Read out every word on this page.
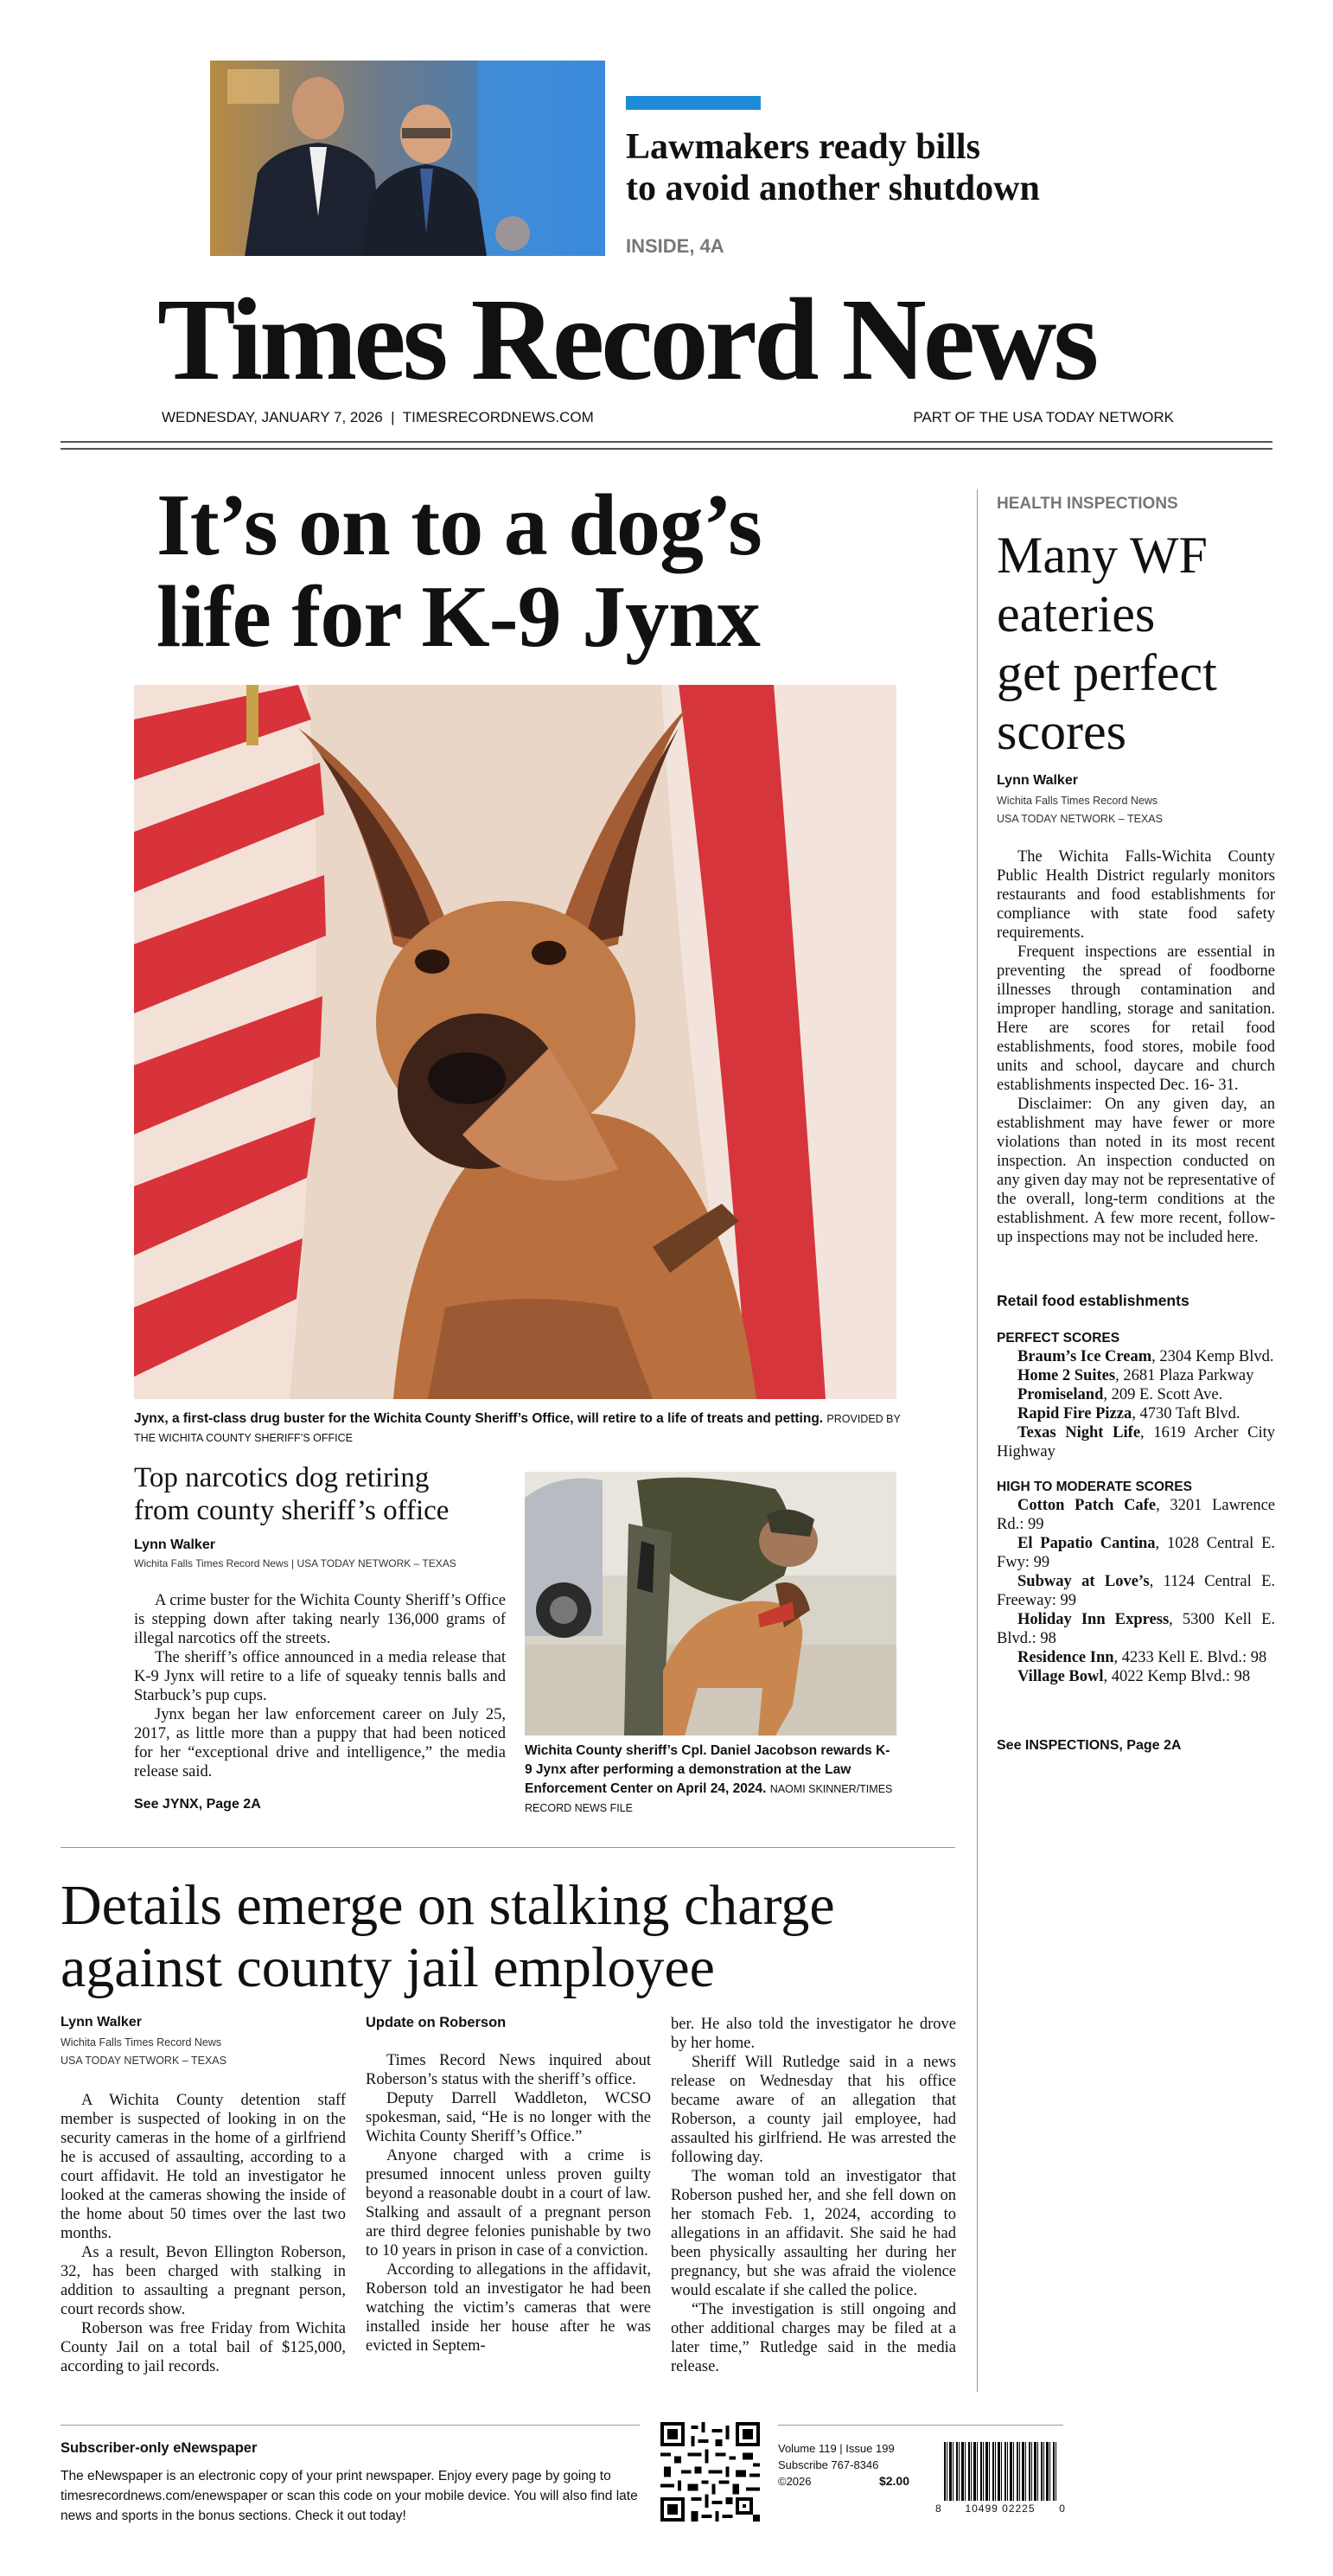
Lawmakers ready bills
to avoid another shutdown
INSIDE, 4A
Times Record News
WEDNESDAY, JANUARY 7, 2026  |  TIMESRECORDNEWS.COM	PART OF THE USA TODAY NETWORK
It’s on to a dog’s
life for K-9 Jynx
Jynx, a first-class drug buster for the Wichita County Sheriff’s Office, will retire to a life of treats and petting. PROVIDED BY THE WICHITA COUNTY SHERIFF’S OFFICE
Top narcotics dog retiring
from county sheriff’s office
Lynn Walker
Wichita Falls Times Record News | USA TODAY NETWORK – TEXAS

A crime buster for the Wichita County Sheriff’s Office is stepping down after taking nearly 136,000 grams of illegal narcotics off the streets.

The sheriff’s office announced in a media release that K-9 Jynx will retire to a life of squeaky tennis balls and Starbuck’s pup cups.

Jynx began her law enforcement career on July 25, 2017, as little more than a puppy that had been noticed for her “exceptional drive and intelligence,” the media release said.

See JYNX, Page 2A
Wichita County sheriff’s Cpl. Daniel Jacobson rewards K-9 Jynx after performing a demonstration at the Law Enforcement Center on April 24, 2024. NAOMI SKINNER/TIMES RECORD NEWS FILE
HEALTH INSPECTIONS
Many WF
eateries
get perfect
scores
Lynn Walker
Wichita Falls Times Record News
USA TODAY NETWORK – TEXAS

The Wichita Falls-Wichita County Public Health District regularly monitors restaurants and food establishments for compliance with state food safety requirements.

Frequent inspections are essential in preventing the spread of foodborne illnesses through contamination and improper handling, storage and sanitation. Here are scores for retail food establishments, food stores, mobile food units and school, daycare and church establishments inspected Dec. 16- 31.

Disclaimer: On any given day, an establishment may have fewer or more violations than noted in its most recent inspection. An inspection conducted on any given day may not be representative of the overall, long-term conditions at the establishment. A few more recent, follow-up inspections may not be included here.

Retail food establishments
PERFECT SCORES

Braum’s Ice Cream, 2304 Kemp Blvd.

Home 2 Suites, 2681 Plaza Parkway

Promiseland, 209 E. Scott Ave.

Rapid Fire Pizza, 4730 Taft Blvd.

Texas Night Life, 1619 Archer City Highway

HIGH TO MODERATE SCORES

Cotton Patch Cafe, 3201 Lawrence Rd.: 99

El Papatio Cantina, 1028 Central E. Fwy: 99

Subway at Love’s, 1124 Central E. Freeway: 99

Holiday Inn Express, 5300 Kell E. Blvd.: 98

Residence Inn, 4233 Kell E. Blvd.: 98

Village Bowl, 4022 Kemp Blvd.: 98

See INSPECTIONS, Page 2A
Details emerge on stalking charge
against county jail employee
Lynn Walker
Wichita Falls Times Record News
USA TODAY NETWORK – TEXAS

A Wichita County detention staff member is suspected of looking in on the security cameras in the home of a girlfriend he is accused of assaulting, according to a court affidavit. He told an investigator he looked at the cameras showing the inside of the home about 50 times over the last two months.

As a result, Bevon Ellington Roberson, 32, has been charged with stalking in addition to assaulting a pregnant person, court records show.

Roberson was free Friday from Wichita County Jail on a total bail of $125,000, according to jail records.

Update on Roberson

Times Record News inquired about Roberson’s status with the sheriff’s office.

Deputy Darrell Waddleton, WCSO spokesman, said, “He is no longer with the Wichita County Sheriff’s Office.”

Anyone charged with a crime is presumed innocent unless proven guilty beyond a reasonable doubt in a court of law. Stalking and assault of a pregnant person are third degree felonies punishable by two to 10 years in prison in case of a conviction.

According to allegations in the affidavit, Roberson told an investigator he had been watching the victim’s cameras that were installed inside her house after he was evicted in Septem-

ber. He also told the investigator he drove by her home.

Sheriff Will Rutledge said in a news release on Wednesday that his office became aware of an allegation that Roberson, a county jail employee, had assaulted his girlfriend. He was arrested the following day.

The woman told an investigator that Roberson pushed her, and she fell down on her stomach Feb. 1, 2024, according to allegations in an affidavit. She said he had been physically assaulting her during her pregnancy, but she was afraid the violence would escalate if she called the police.

“The investigation is still ongoing and other additional charges may be filed at a later time,” Rutledge said in the media release.

Subscriber-only eNewspaper
The eNewspaper is an electronic copy of your print newspaper. Enjoy every page by going to timesrecordnews.com/enewspaper or scan this code on your mobile device. You will also find late news and sports in the bonus sections. Check it out today!
Volume 119 | Issue 199
Subscribe 767-8346
©2026	$2.00
8 10499 02225 0
